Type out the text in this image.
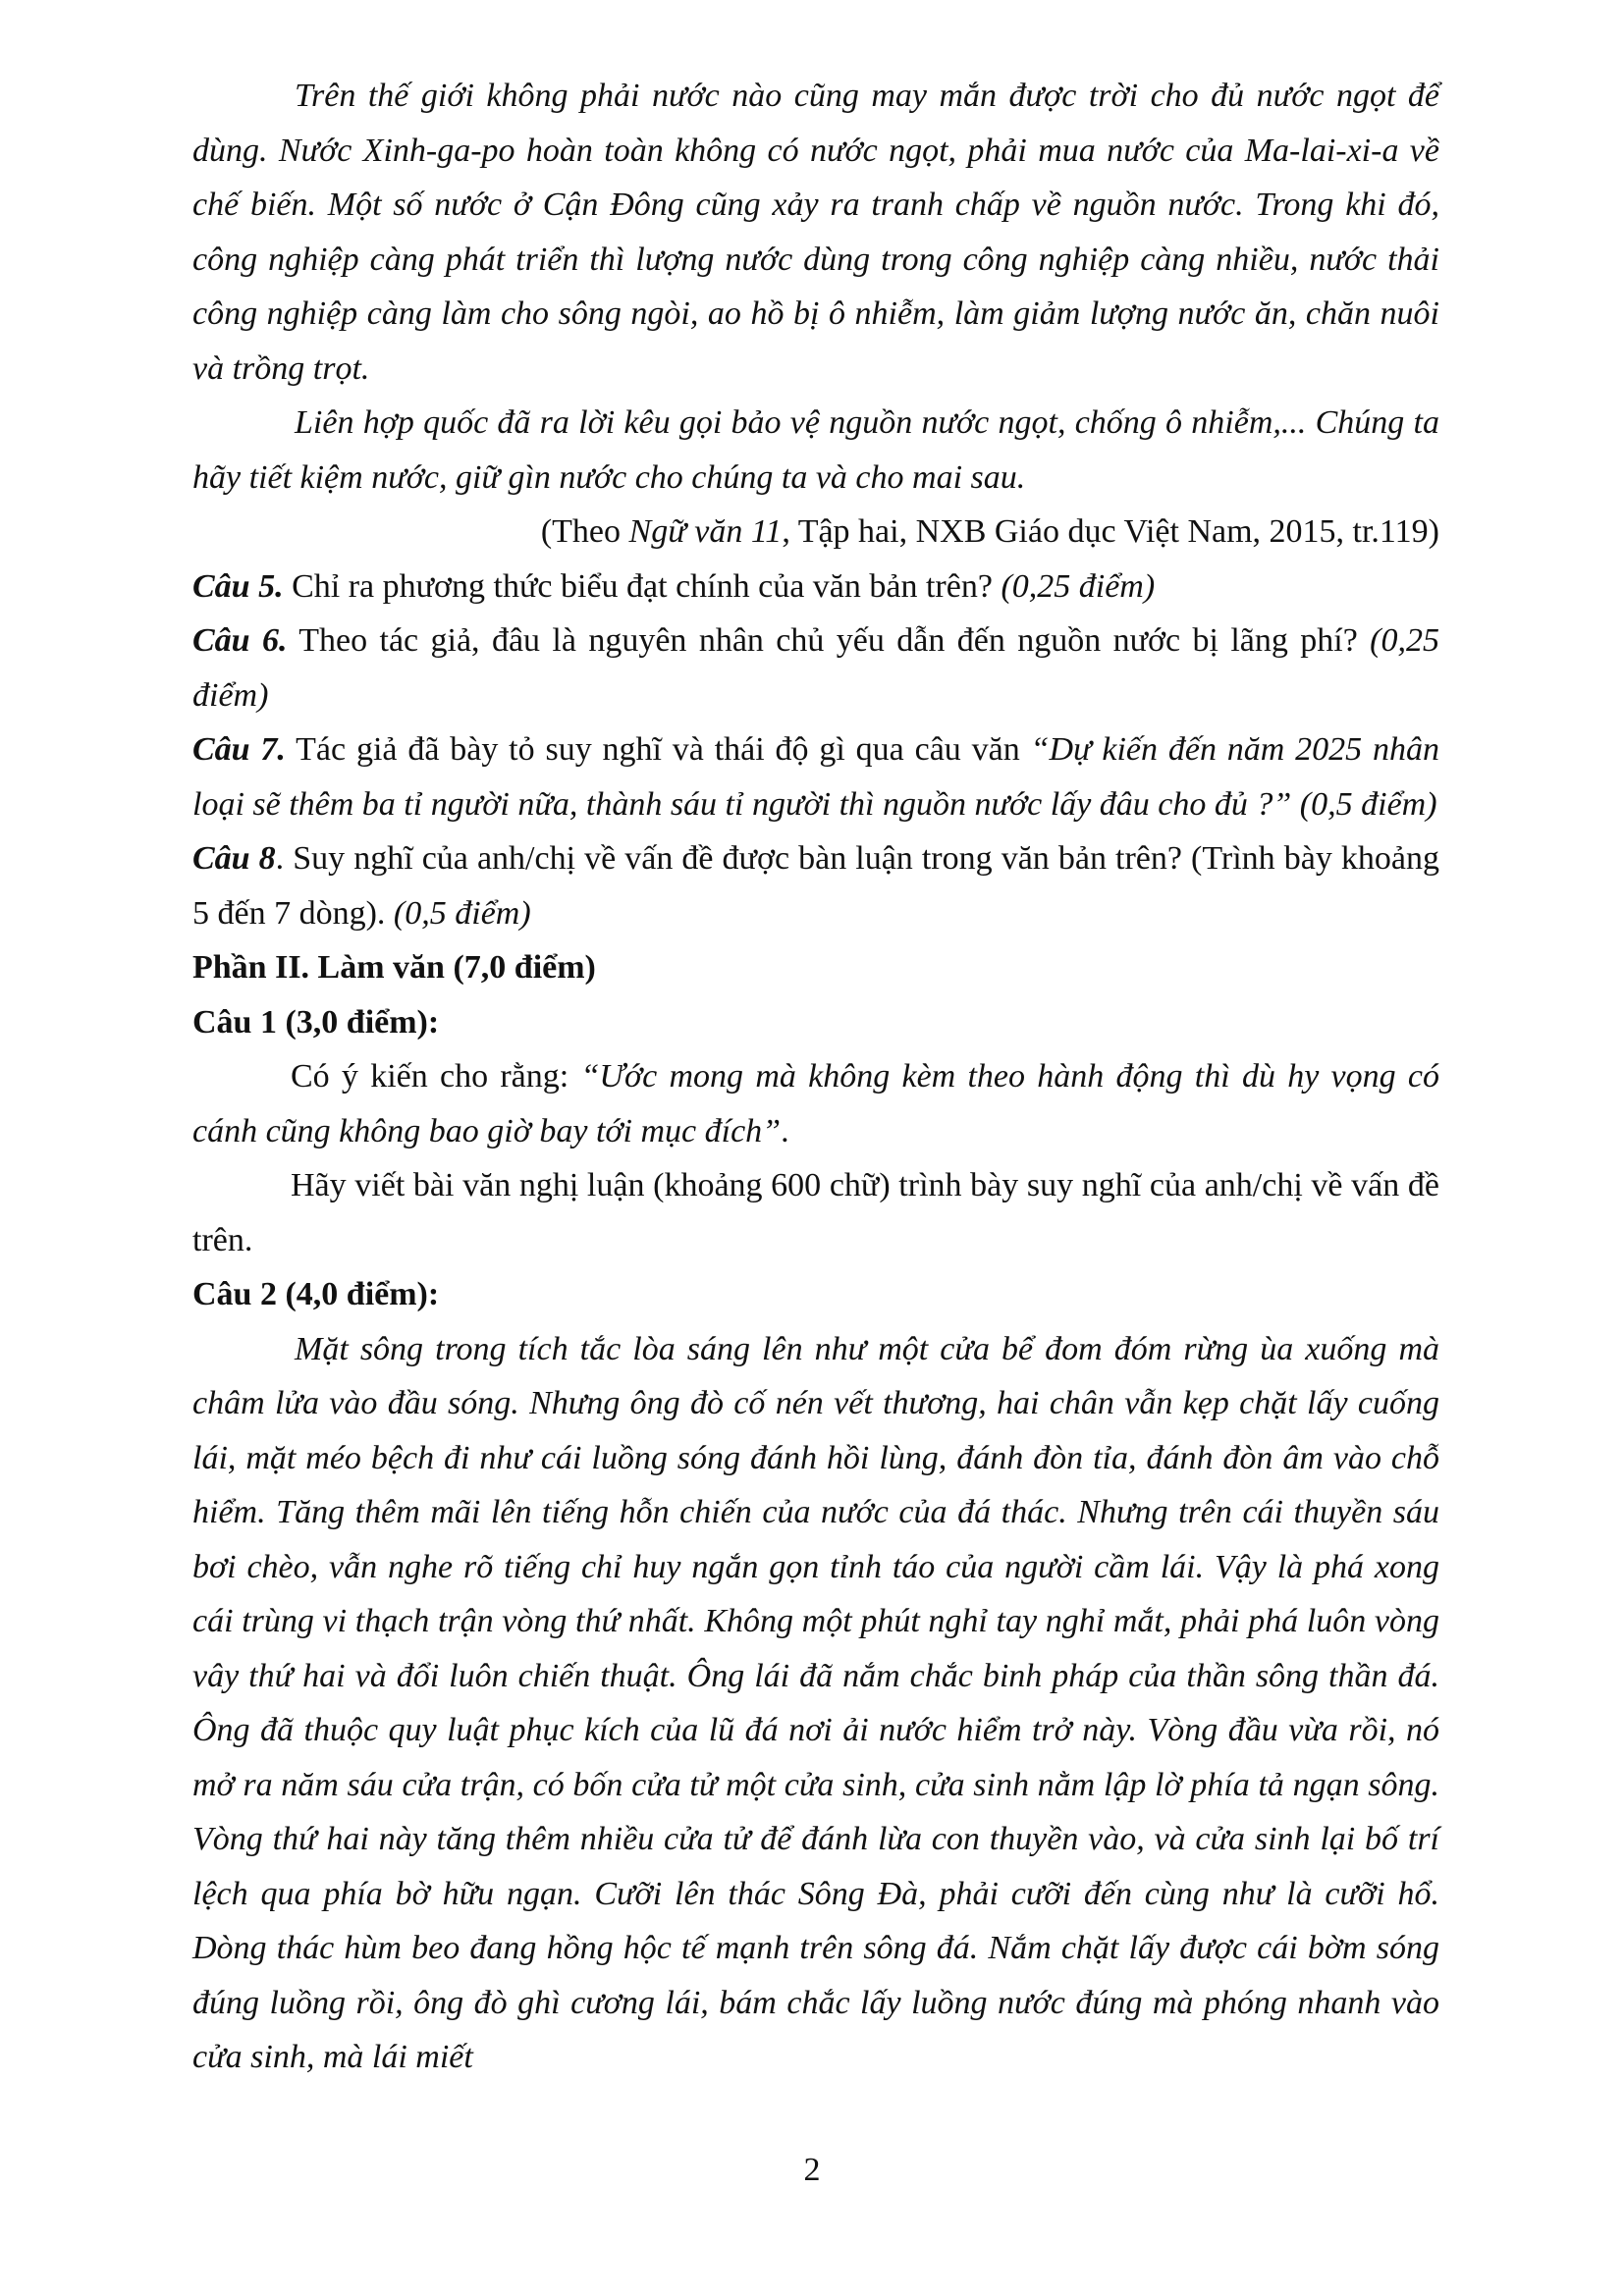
Trên thế giới không phải nước nào cũng may mắn được trời cho đủ nước ngọt để dùng. Nước Xinh-ga-po hoàn toàn không có nước ngọt, phải mua nước của Ma-lai-xi-a về chế biến. Một số nước ở Cận Đông cũng xảy ra tranh chấp về nguồn nước. Trong khi đó, công nghiệp càng phát triển thì lượng nước dùng trong công nghiệp càng nhiều, nước thải công nghiệp càng làm cho sông ngòi, ao hồ bị ô nhiễm, làm giảm lượng nước ăn, chăn nuôi và trồng trọt.

Liên hợp quốc đã ra lời kêu gọi bảo vệ nguồn nước ngọt, chống ô nhiễm,... Chúng ta hãy tiết kiệm nước, giữ gìn nước cho chúng ta và cho mai sau.

(Theo Ngữ văn 11, Tập hai, NXB Giáo dục Việt Nam, 2015, tr.119)

Câu 5. Chỉ ra phương thức biểu đạt chính của văn bản trên? (0,25 điểm)

Câu 6. Theo tác giả, đâu là nguyên nhân chủ yếu dẫn đến nguồn nước bị lãng phí? (0,25 điểm)

Câu 7. Tác giả đã bày tỏ suy nghĩ và thái độ gì qua câu văn “Dự kiến đến năm 2025 nhân loại sẽ thêm ba tỉ người nữa, thành sáu tỉ người thì nguồn nước lấy đâu cho đủ ?” (0,5 điểm)

Câu 8. Suy nghĩ của anh/chị về vấn đề được bàn luận trong văn bản trên? (Trình bày khoảng 5 đến 7 dòng). (0,5 điểm)

Phần II. Làm văn (7,0 điểm)

Câu 1 (3,0 điểm):

Có ý kiến cho rằng: “Ước mong mà không kèm theo hành động thì dù hy vọng có cánh cũng không bao giờ bay tới mục đích”.

Hãy viết bài văn nghị luận (khoảng 600 chữ) trình bày suy nghĩ của anh/chị về vấn đề trên.

Câu 2 (4,0 điểm):

Mặt sông trong tích tắc lòa sáng lên như một cửa bể đom đóm rừng ùa xuống mà châm lửa vào đầu sóng. Nhưng ông đò cố nén vết thương, hai chân vẫn kẹp chặt lấy cuống lái, mặt méo bệch đi như cái luồng sóng đánh hồi lùng, đánh đòn tỉa, đánh đòn âm vào chỗ hiểm. Tăng thêm mãi lên tiếng hỗn chiến của nước của đá thác. Nhưng trên cái thuyền sáu bơi chèo, vẫn nghe rõ tiếng chỉ huy ngắn gọn tỉnh táo của người cầm lái. Vậy là phá xong cái trùng vi thạch trận vòng thứ nhất. Không một phút nghỉ tay nghỉ mắt, phải phá luôn vòng vây thứ hai và đổi luôn chiến thuật. Ông lái đã nắm chắc binh pháp của thần sông thần đá. Ông đã thuộc quy luật phục kích của lũ đá nơi ải nước hiểm trở này. Vòng đầu vừa rồi, nó mở ra năm sáu cửa trận, có bốn cửa tử một cửa sinh, cửa sinh nằm lập lờ phía tả ngạn sông. Vòng thứ hai này tăng thêm nhiều cửa tử để đánh lừa con thuyền vào, và cửa sinh lại bố trí lệch qua phía bờ hữu ngạn. Cưỡi lên thác Sông Đà, phải cưỡi đến cùng như là cưỡi hổ. Dòng thác hùm beo đang hồng hộc tế mạnh trên sông đá. Nắm chặt lấy được cái bờm sóng đúng luồng rồi, ông đò ghì cương lái, bám chắc lấy luồng nước đúng mà phóng nhanh vào cửa sinh, mà lái miết

2
